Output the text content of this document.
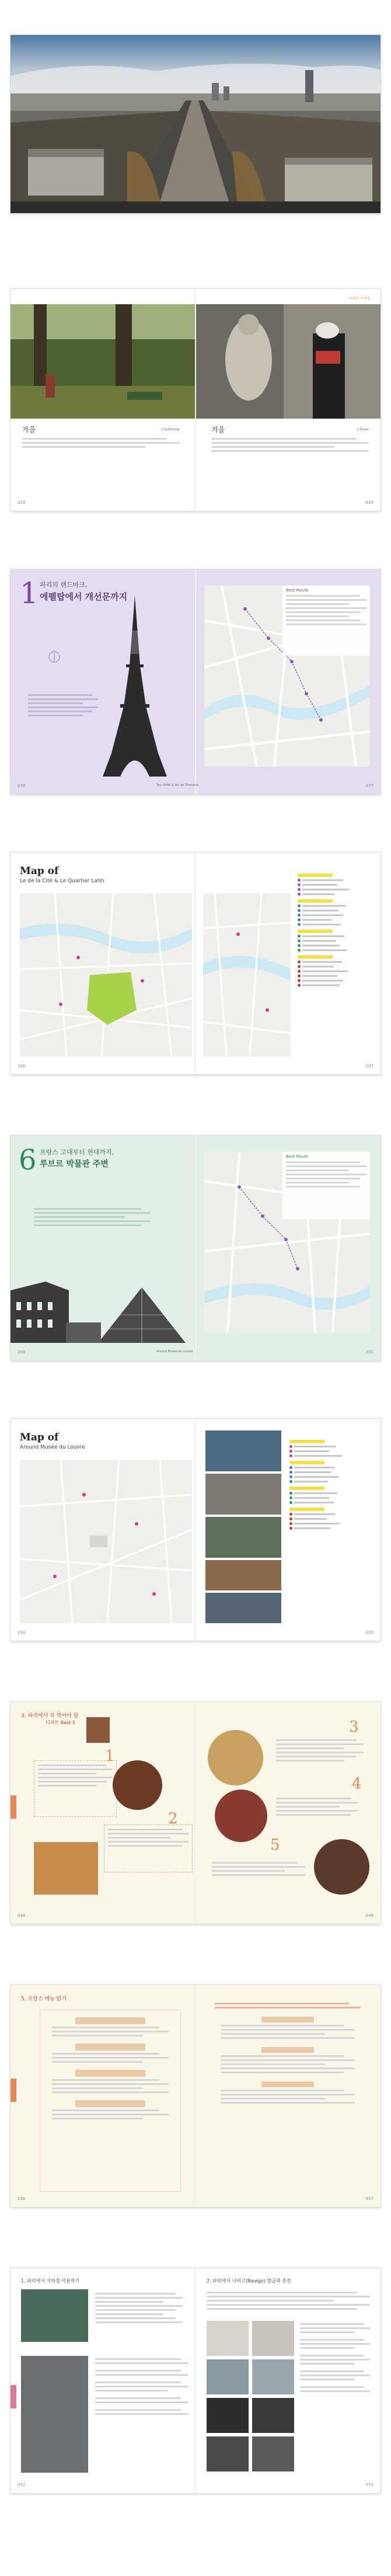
파리의 사계절
가을	L'automne	겨울	L'hiver
018	019
1 파리의 랜드마크,
에펠탑에서 개선문까지
Best Route
Tour Eiffel & Arc de Triomphe
076	077
Map of
Le de la Cité & Le Quartier Latin
106	107
6 프랑스 고대부터 현대까지,
루브르 박물관 주변
Best Route
Around Musée du Louvre
200	201
Map of
Around Musée du Louvre
224	225
3. 파리에서 꼭 먹어야 할
디저트 Best 5
1
2
3
4
5
048	049
5. 프랑스 메뉴 읽기
056	057
1. 파리에서 지하철 이용하기	2. 파리에서 나비고(Navigo) 발급과 충전
072	073
